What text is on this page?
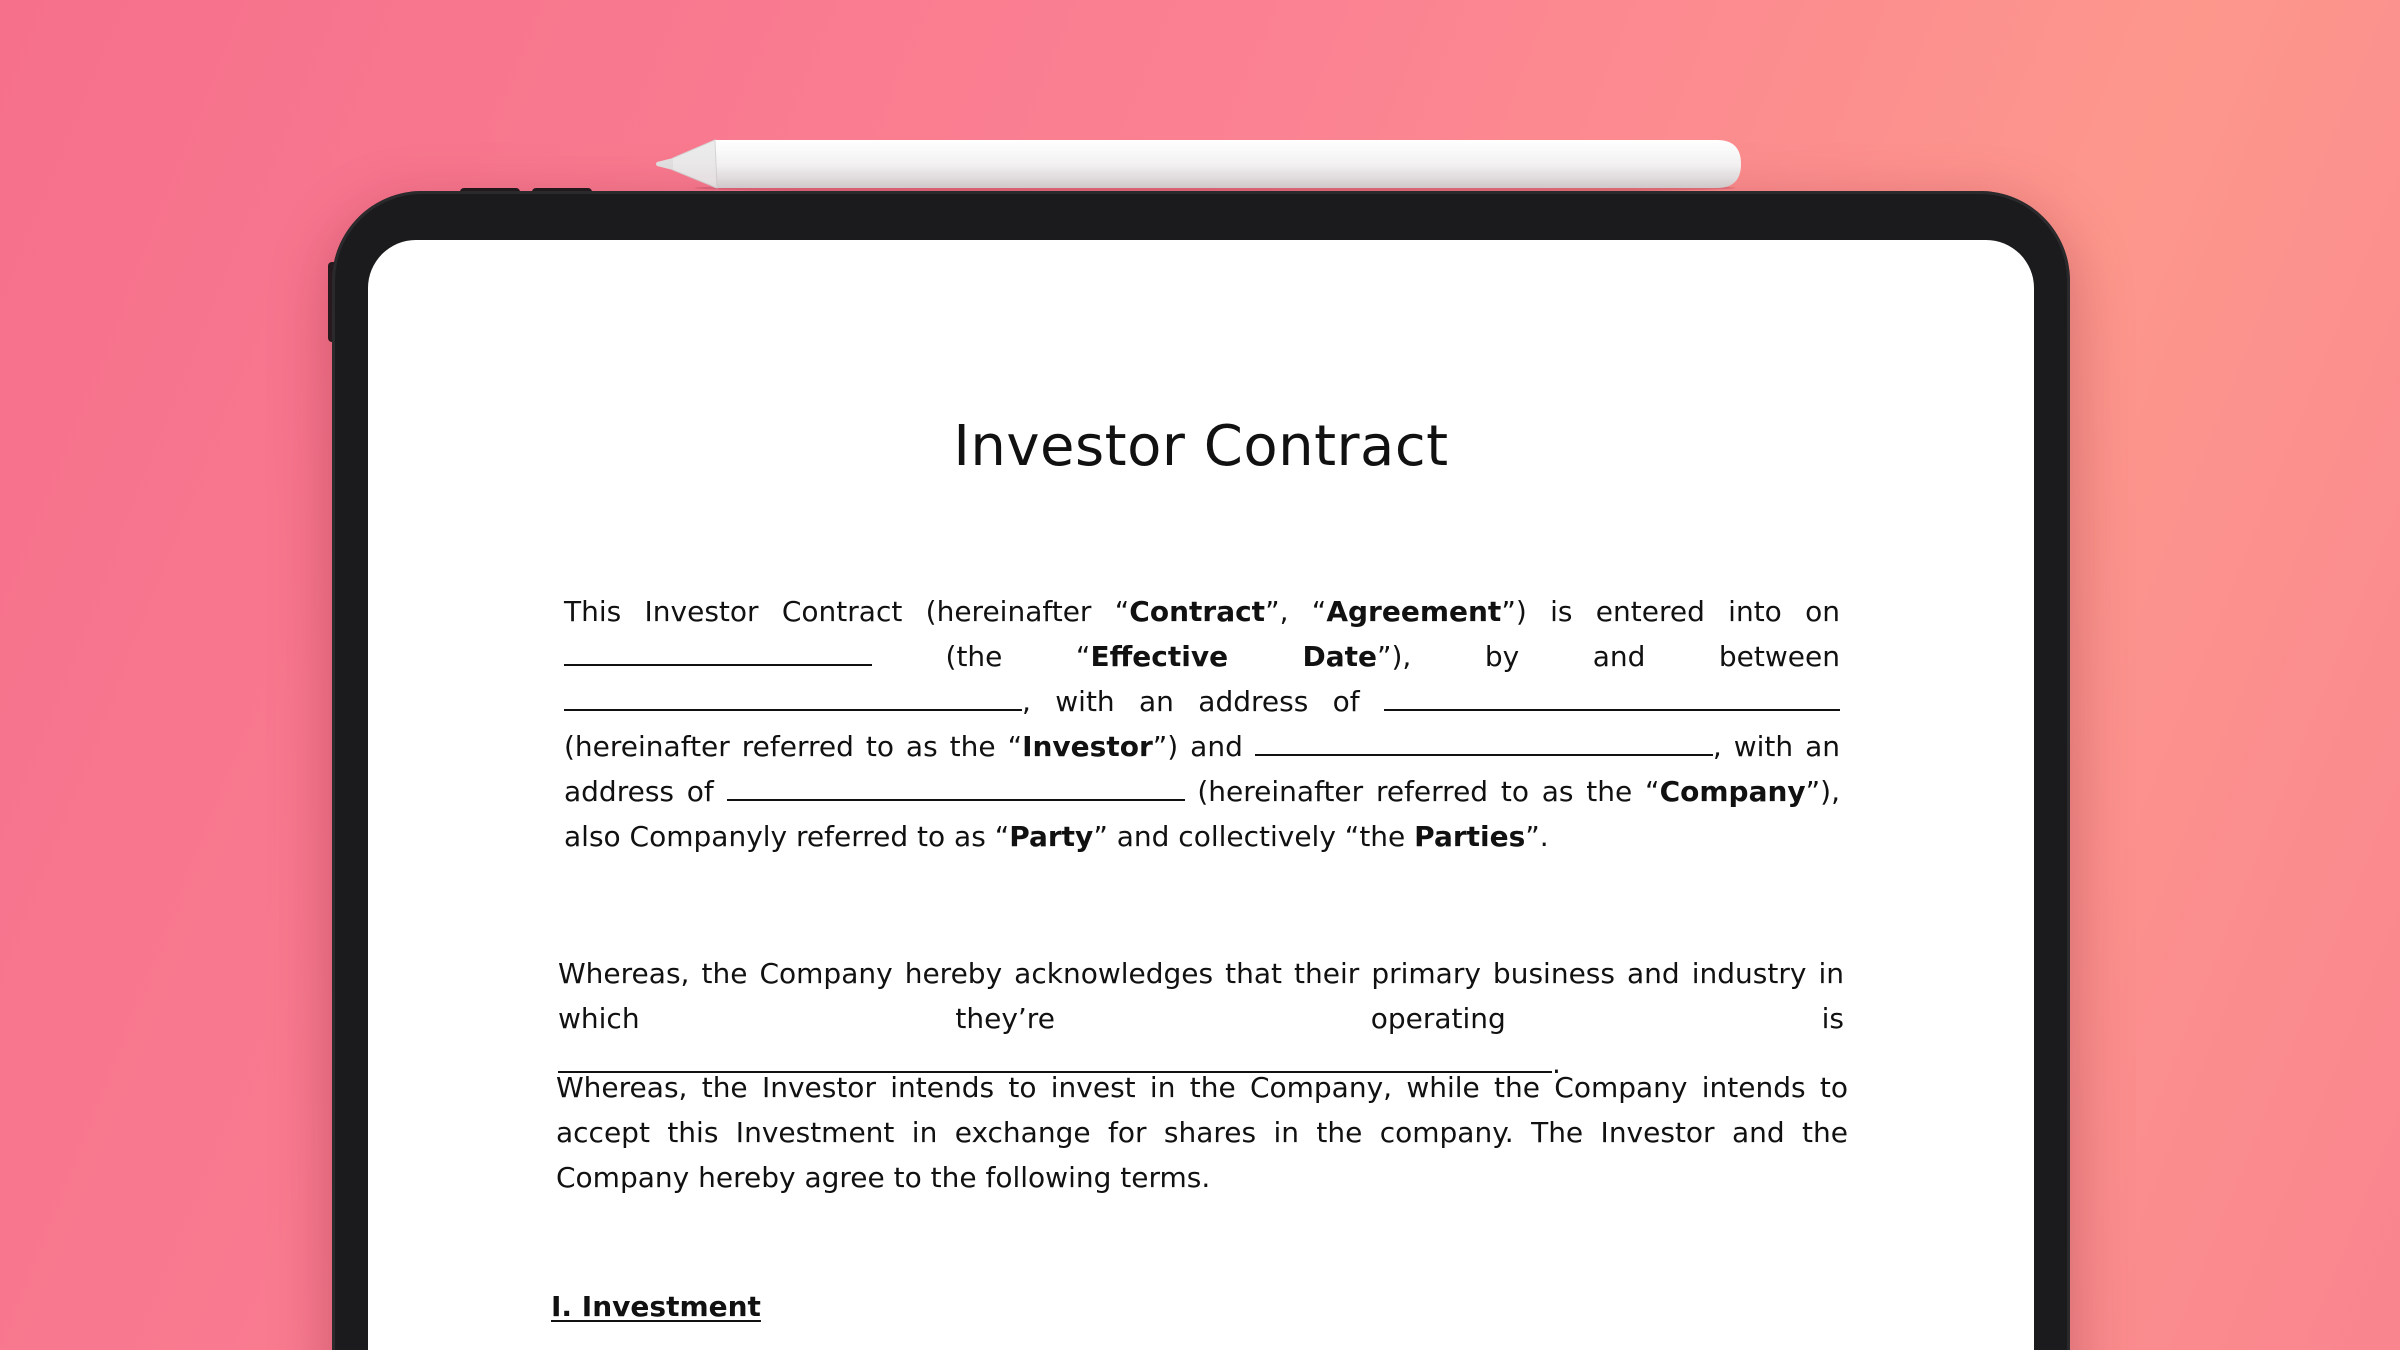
Investor Contract
This Investor Contract (hereinafter “Contract”, “Agreement”) is entered into on  (the “Effective Date”), by and between , with an address of  (hereinafter referred to as the “Investor”) and	, with an address of	(hereinafter referred to as the “Company”), also Companyly referred to as “Party” and collectively “the Parties”.
Whereas, the Company hereby acknowledges that their primary business and industry in which they’re operating is .
Whereas, the Investor intends to invest in the Company, while the Company intends to accept this Investment in exchange for shares in the company. The Investor and the Company hereby agree to the following terms.
I. Investment
